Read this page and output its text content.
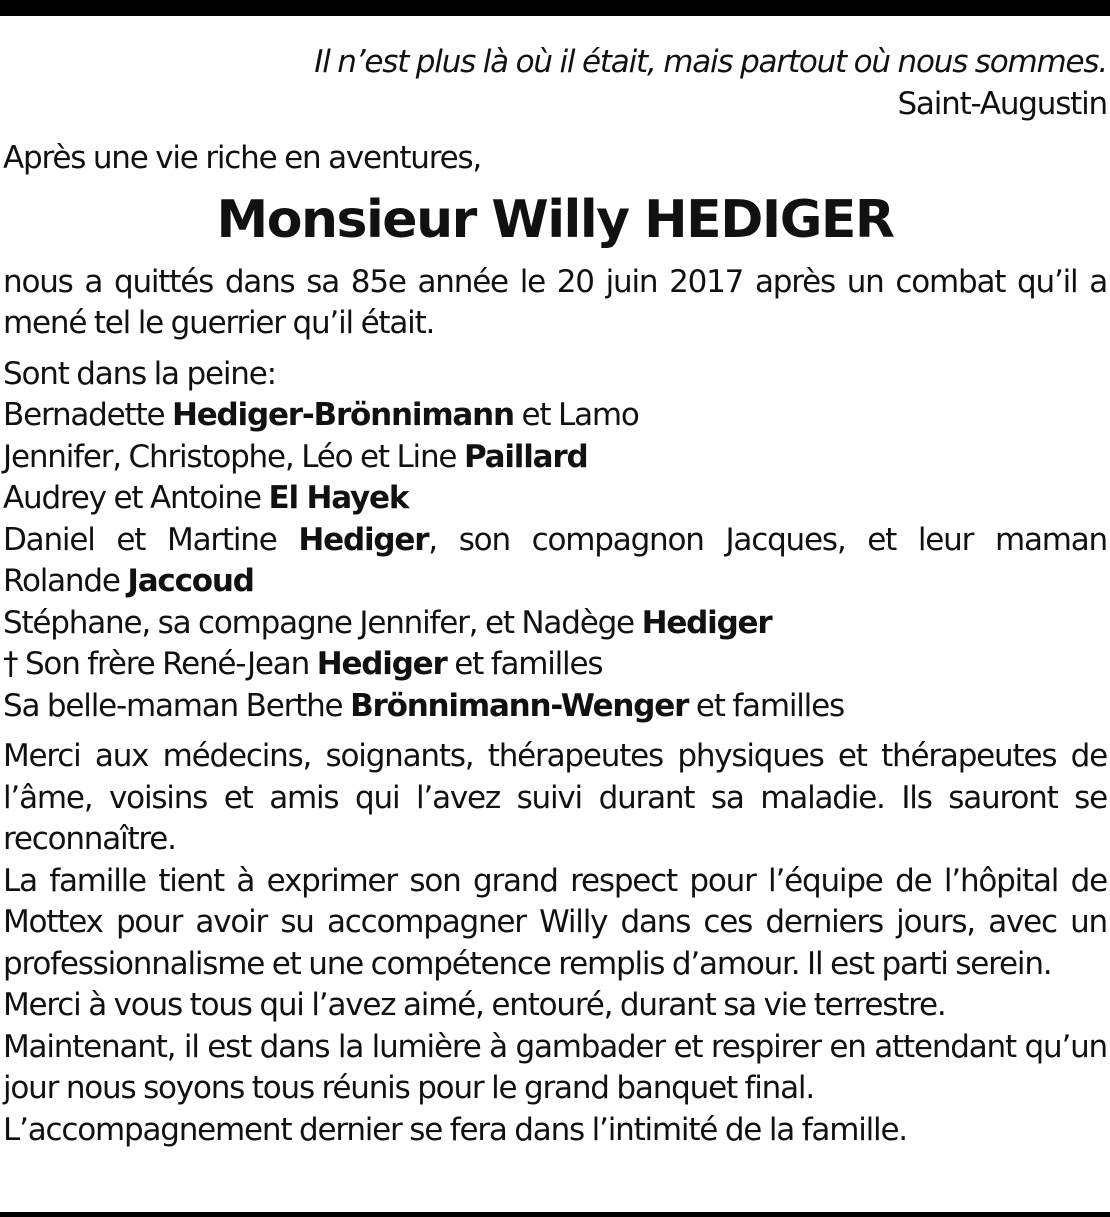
Il n’est plus là où il était, mais partout où nous sommes.

Saint-Augustin

Après une vie riche en aventures,

Monsieur Willy HEDIGER

nous a quittés dans sa 85e année le 20 juin 2017 après un combat qu’il a mené tel le guerrier qu’il était.

Sont dans la peine:
Bernadette Hediger-Brönnimann et Lamo
Jennifer, Christophe, Léo et Line Paillard
Audrey et Antoine El Hayek
Daniel et Martine Hediger, son compagnon Jacques, et leur maman
Rolande Jaccoud
Stéphane, sa compagne Jennifer, et Nadège Hediger
† Son frère René-Jean Hediger et familles
Sa belle-maman Berthe Brönnimann-Wenger et familles

Merci aux médecins, soignants, thérapeutes physiques et thérapeutes de l’âme, voisins et amis qui l’avez suivi durant sa maladie. Ils sauront se reconnaître.

La famille tient à exprimer son grand respect pour l’équipe de l’hôpital de Mottex pour avoir su accompagner Willy dans ces derniers jours, avec un professionnalisme et une compétence remplis d’amour. Il est parti serein.

Merci à vous tous qui l’avez aimé, entouré, durant sa vie terrestre.

Maintenant, il est dans la lumière à gambader et respirer en attendant qu’un jour nous soyons tous réunis pour le grand banquet final.

L’accompagnement dernier se fera dans l’intimité de la famille.
